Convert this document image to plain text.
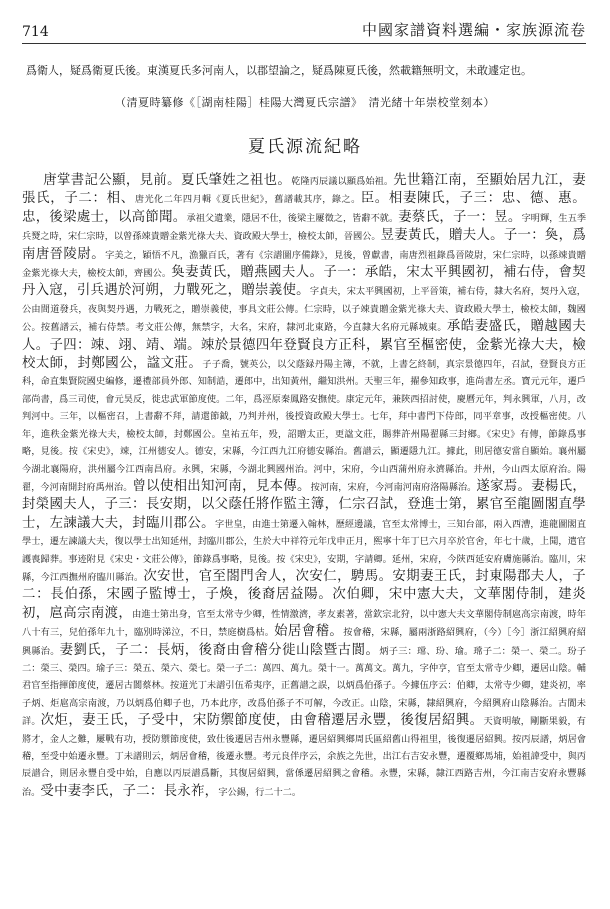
714	中國家譜資料選編・家族源流卷
爲衛人，疑爲衛夏氏後。東漢夏氏多河南人，以郡望論之，疑爲陳夏氏後，然載籍無明文，未敢遽定也。
（清夏時纂修《［湖南桂陽］桂陽大灣夏氏宗譜》　清光緒十年崇校堂刻本）
夏氏源流紀略

唐掌書記公顯，見前。夏氏肇姓之祖也。乾隆丙辰議以顯爲始祖。先世籍江南，至顯始居九江，妻張氏，子二：相、唐光化二年四月輯《夏氏世紀》，舊譜載其序，錄之。臣。相妻陳氏，子三：忠、德、惠。忠，後梁處士，以高節聞。承祖父遺業，隱居不仕，後梁主屢徵之，皆辭不就。妻蔡氏，子一：昱。字明輝，生五季兵燹之時，宋仁宗時，以曾孫竦貴贈金紫光祿大夫、資政殿大學士，檢校太師，晉國公。昱妻黃氏，贈夫人。子一：奐，爲南唐晉陵尉。字美之，穎悟不凡，漁獵百氏，著有《宗譜圖序備錄》，見後，曾獻書，南唐烈祖錄爲晉陵尉，宋仁宗時，以孫竦貴贈金紫光祿大夫，檢校太師，齊國公。奐妻黃氏，贈燕國夫人。子一：承皓，宋太平興國初，補右侍，會契丹入寇，引兵遇於河朔，力戰死之，贈崇義使。字貞夫，宋太平興國初，上平晉策，補右侍，隸大名府，契丹入寇，公由間道發兵，夜與契丹遇，力戰死之，贈崇義使，事具文莊公傳。仁宗時，以子竦貴贈金紫光祿大夫、資政殿大學士，檢校太師，魏國公。按舊譜云，補右侍禁。考文莊公傳，無禁字，大名，宋府，隸河北東路，今直隸大名府元縣城東。承皓妻盛氏，贈越國夫人。子四：竦、翊、靖、端。竦於景德四年登賢良方正科，累官至樞密使，金紫光祿大夫，檢校太師，封鄭國公，諡文莊。子子喬，號英公，以父蔭録丹陽主簿，不就，上書乞終制，真宗景德四年，召試，登賢良方正科，命直集賢院國史編修，遷禮部員外郎、知制誥，遷郎中，出知黃州，繼知洪州。天聖三年，擢參知政事，進尚書左丞。寶元元年，遷戶部尚書，爲三司使，會元昊反，徙忠武軍節度使。二年，爲涇原秦鳳路安撫使。康定元年，兼陝西招討使，慶曆元年，判永興軍，八月，改判河中。三年，以樞密召，上書辭不拜，請還節鉞，乃判并州，後授資政殿大學士。七年，拜中書門下侍郎，同平章事，改授樞密使。八年，進秩金紫光祿大夫，檢校太師，封鄭國公。皇祐五年，殁，詔贈太正，更諡文莊，賜葬許州陽翟縣三封鄉。《宋史》有傳，節錄爲事略，見後。按《宋史》，竦，江州德安人。德安，宋縣，今江西九江府德安縣治。舊譜云，顯遷隱九江。據此，則居德安當自顯始。襄州屬今湖北襄陽府，洪州屬今江西南昌府。永興，宋縣，今湖北興國州治。河中，宋府，今山西蒲州府永濟縣治。并州，今山西太原府治。陽翟，今河南開封府禹州治。曾以使相出知河南，見本傳。按河南，宋府，今河南河南府洛陽縣治。遂家焉。妻楊氏，封榮國夫人，子三：長安期，以父蔭任將作監主簿，仁宗召試，登進士第，累官至龍圖閣直學士，左諫議大夫，封臨川郡公。字世皇，由進士第遷入翰林，歷經邊議，官至太常博士，三知台部，兩入西漕，進龍圖閣直學士，遷左諫議大夫，復以學士出知延州，封臨川郡公，生於大中祥符元年戊申正月，熙寧十年丁巳六月卒於官舍，年七十歲，上聞，遣官護喪歸葬。事迹附見《宋史・文莊公傳》，節錄爲事略，見後。按《宋史》，安期，字請卿。延州，宋府，今陝西延安府膚施縣治。臨川，宋縣，今江西撫州府臨川縣治。次安世，官至閤門舍人，次安仁，騁馬。安期妻王氏，封東陽郡夫人，子二：長伯孫，宋國子監博士，子煥，後裔居益陽。次伯卿，宋中憲大夫，文華閣侍制，建炎初，扈高宗南渡，由進士第出身，官至太常寺少卿，性情激濟，孝友素著，當欽宗北狩，以中憲大夫文華閣侍制扈高宗南渡，時年八十有三，兒伯孫年九十，臨別時涕泣，不日，禁庭樹爲枯。始居會稽。按會稽，宋縣，屬兩浙路紹興府，（今）［今］浙江紹興府紹興縣治。妻劉氏，子二：長炳，後裔由會稽分徙山陰暨古閬。炳子三：瑺、玢、瑜。瑺子二：榮一、榮二。玢子二：榮三、榮四。瑜子三：榮五、榮六、榮七。榮一子二：萬四、萬九。榮十一。萬萬文。萬九，字仲亨，官至太常寺少卿，遷居山陰。輔君官至指揮節度使，遷居古閬蔡林。按道光丁未譜引伍希夷序，正舊譜之誤，以炳爲伯孫子。今據伍序云：伯卿，太常寺少卿，建炎初，率子炳、炬扈高宗南渡，乃以炳爲伯卿子也，乃本此序，改爲伯孫子不可解，今改正。山陰，宋縣，隸紹興府，今紹興府山陰縣治。古閬未詳。次炬，妻王氏，子受中，宋防禦節度使，由會稽遷居永豐，後復居紹興。天資明敏，剛斷果毅，有將才，金人之難，屢戰有功，授防禦節度使，致仕後遷居吉州永豐縣，遷居紹興鄉周氏區紹舊山得祖里，後復遷居紹興。按丙辰譜，炳居會稽，至受中始遷永豐。丁未譜則云，炳居會稽，後遷永豐。考元良伴序云，余族之先世，出江右吉安永豐，遷覆鄉馬埔，始祖諱受中，與丙辰譜合，則居永豐自受中始，自應以丙辰譜爲斷，其復居紹興，當係遷居紹興之會稽。永豐，宋縣，隸江西路吉州，今江南吉安府永豐縣治。受中妻李氏，子二：長永祚，字公錫，行二十二。
